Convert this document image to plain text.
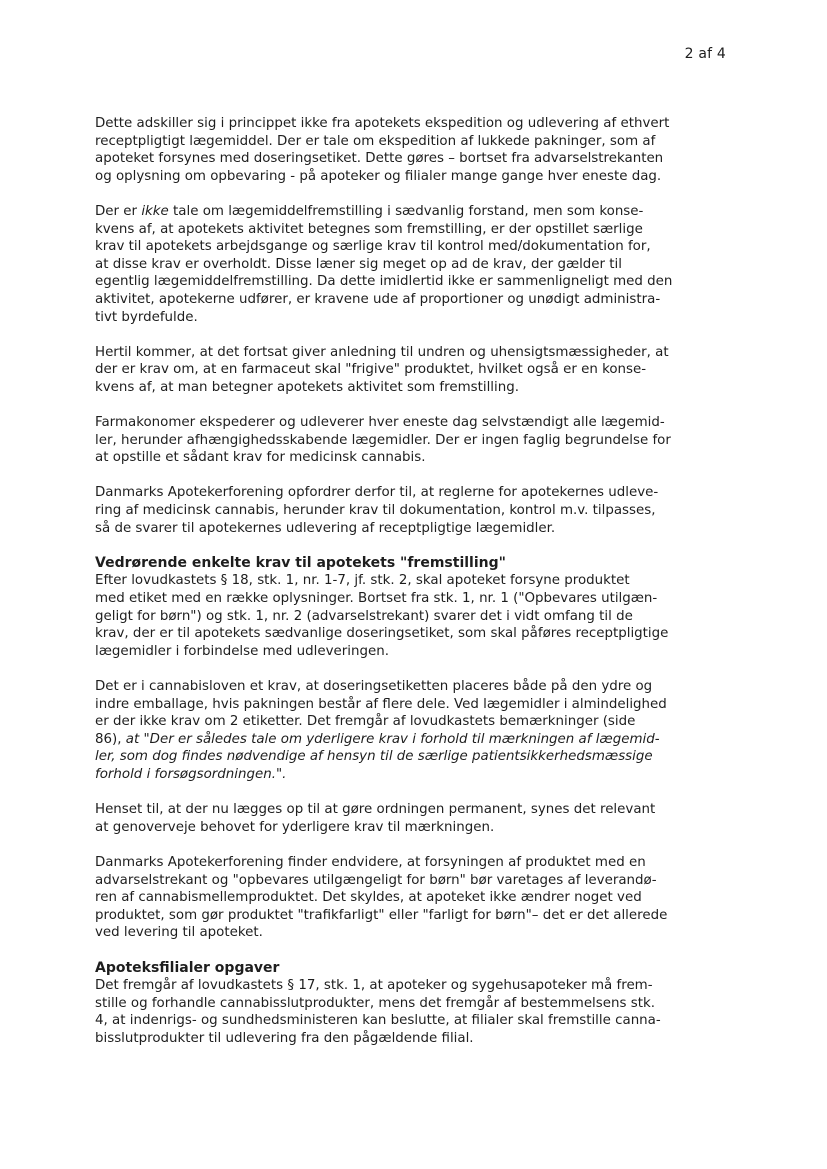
2 af 4

Dette adskiller sig i princippet ikke fra apotekets ekspedition og udlevering af ethvert
receptpligtigt lægemiddel. Der er tale om ekspedition af lukkede pakninger, som af
apoteket forsynes med doseringsetiket. Dette gøres – bortset fra advarselstrekanten
og oplysning om opbevaring - på apoteker og filialer mange gange hver eneste dag.

Der er ikke tale om lægemiddelfremstilling i sædvanlig forstand, men som konse-
kvens af, at apotekets aktivitet betegnes som fremstilling, er der opstillet særlige
krav til apotekets arbejdsgange og særlige krav til kontrol med/dokumentation for,
at disse krav er overholdt. Disse læner sig meget op ad de krav, der gælder til
egentlig lægemiddelfremstilling. Da dette imidlertid ikke er sammenligneligt med den
aktivitet, apotekerne udfører, er kravene ude af proportioner og unødigt administra-
tivt byrdefulde.

Hertil kommer, at det fortsat giver anledning til undren og uhensigtsmæssigheder, at
der er krav om, at en farmaceut skal "frigive" produktet, hvilket også er en konse-
kvens af, at man betegner apotekets aktivitet som fremstilling.

Farmakonomer ekspederer og udleverer hver eneste dag selvstændigt alle lægemid-
ler, herunder afhængighedsskabende lægemidler. Der er ingen faglig begrundelse for
at opstille et sådant krav for medicinsk cannabis.

Danmarks Apotekerforening opfordrer derfor til, at reglerne for apotekernes udleve-
ring af medicinsk cannabis, herunder krav til dokumentation, kontrol m.v. tilpasses,
så de svarer til apotekernes udlevering af receptpligtige lægemidler.

Vedrørende enkelte krav til apotekets "fremstilling"

Efter lovudkastets § 18, stk. 1, nr. 1-7, jf. stk. 2, skal apoteket forsyne produktet
med etiket med en række oplysninger. Bortset fra stk. 1, nr. 1 ("Opbevares utilgæn-
geligt for børn") og stk. 1, nr. 2 (advarselstrekant) svarer det i vidt omfang til de
krav, der er til apotekets sædvanlige doseringsetiket, som skal påføres receptpligtige
lægemidler i forbindelse med udleveringen.

Det er i cannabisloven et krav, at doseringsetiketten placeres både på den ydre og
indre emballage, hvis pakningen består af flere dele. Ved lægemidler i almindelighed
er der ikke krav om 2 etiketter. Det fremgår af lovudkastets bemærkninger (side
86), at "Der er således tale om yderligere krav i forhold til mærkningen af lægemid-
ler, som dog findes nødvendige af hensyn til de særlige patientsikkerhedsmæssige
forhold i forsøgsordningen.".

Henset til, at der nu lægges op til at gøre ordningen permanent, synes det relevant
at genoverveje behovet for yderligere krav til mærkningen.

Danmarks Apotekerforening finder endvidere, at forsyningen af produktet med en
advarselstrekant og "opbevares utilgængeligt for børn" bør varetages af leverandø-
ren af cannabismellemproduktet. Det skyldes, at apoteket ikke ændrer noget ved
produktet, som gør produktet "trafikfarligt" eller "farligt for børn"– det er det allerede
ved levering til apoteket.

Apoteksfilialer opgaver

Det fremgår af lovudkastets § 17, stk. 1, at apoteker og sygehusapoteker må frem-
stille og forhandle cannabisslutprodukter, mens det fremgår af bestemmelsens stk.
4, at indenrigs- og sundhedsministeren kan beslutte, at filialer skal fremstille canna-
bisslutprodukter til udlevering fra den pågældende filial.
